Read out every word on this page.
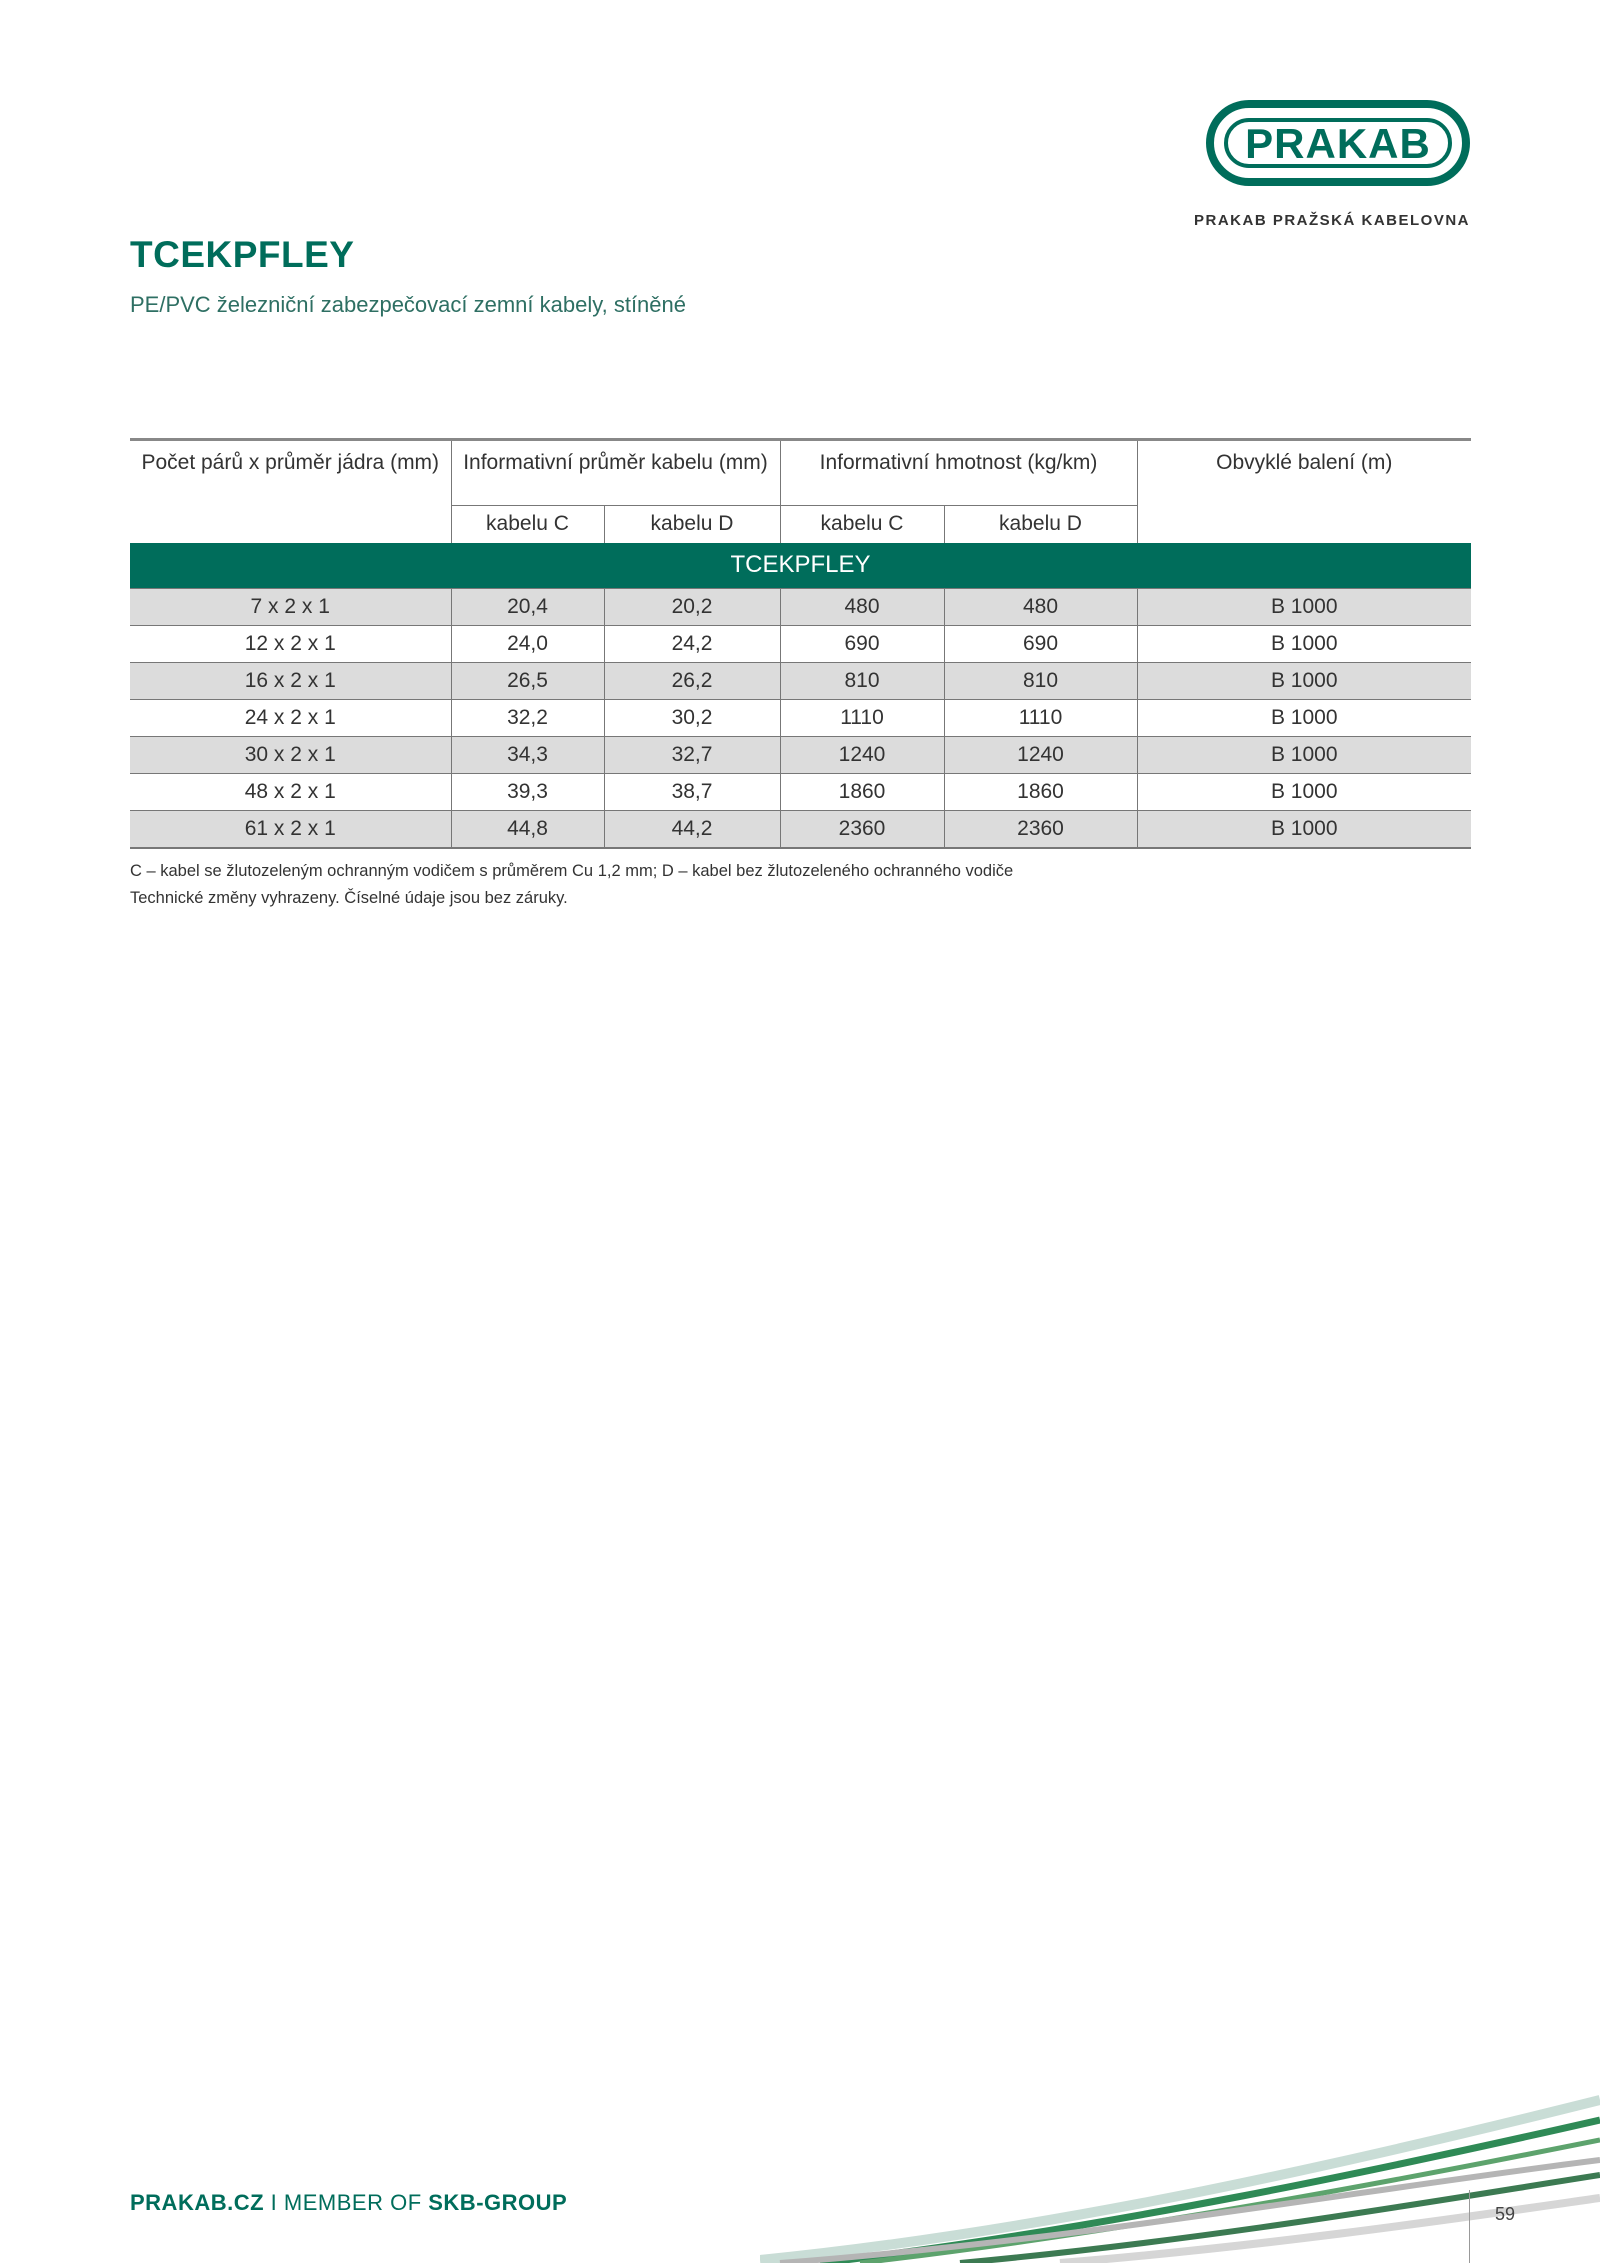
PRAKAB
PRAKAB PRAŽSKÁ KABELOVNA
TCEKPFLEY
PE/PVC železniční zabezpečovací zemní kabely, stíněné
Počet párů x průměr jádra (mm)	Informativní průměr kabelu (mm)		Informativní hmotnost (kg/km)		Obvyklé balení (m)
	kabelu C	kabelu D	kabelu C	kabelu D	
TCEKPFLEY					
7 x 2 x 1	20,4	20,2	480	480	B 1000
12 x 2 x 1	24,0	24,2	690	690	B 1000
16 x 2 x 1	26,5	26,2	810	810	B 1000
24 x 2 x 1	32,2	30,2	1110	1110	B 1000
30 x 2 x 1	34,3	32,7	1240	1240	B 1000
48 x 2 x 1	39,3	38,7	1860	1860	B 1000
61 x 2 x 1	44,8	44,2	2360	2360	B 1000
C – kabel se žlutozeleným ochranným vodičem s průměrem Cu 1,2 mm; D – kabel bez žlutozeleného ochranného vodiče
Technické změny vyhrazeny. Číselné údaje jsou bez záruky.
PRAKAB.CZ I MEMBER OF SKB-GROUP	59
